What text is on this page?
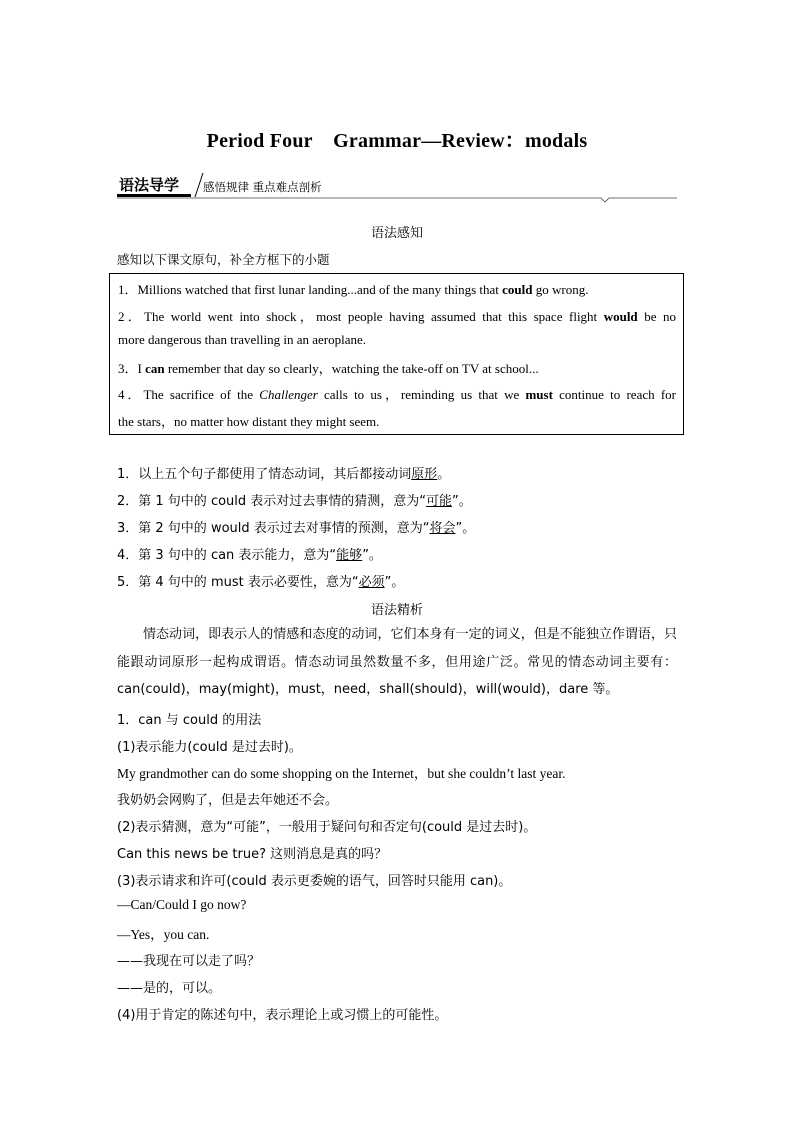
Period Four    Grammar—Review：modals
语法导学 感悟规律 重点难点剖析
语法感知
感知以下课文原句，补全方框下的小题
1．Millions watched that first lunar landing...and of the many things that could go wrong.
2．The world went into shock，most people having assumed that this space flight would be no
more dangerous than travelling in an aeroplane.
3．I can remember that day so clearly，watching the take-off on TV at school...
4．The sacrifice of the Challenger calls to us，reminding us that we must continue to reach for
the stars，no matter how distant they might seem.
1．以上五个句子都使用了情态动词，其后都接动词原形。
2．第 1 句中的 could 表示对过去事情的猜测，意为“可能”。
3．第 2 句中的 would 表示过去对事情的预测，意为“将会”。
4．第 3 句中的 can 表示能力，意为“能够”。
5．第 4 句中的 must 表示必要性，意为“必须”。
语法精析
情态动词，即表示人的情感和态度的动词，它们本身有一定的词义，但是不能独立作谓语，只能跟动词原形一起构成谓语。情态动词虽然数量不多，但用途广泛。常见的情态动词主要有：can(could)，may(might)，must，need，shall(should)，will(would)，dare 等。
1．can 与 could 的用法
(1)表示能力(could 是过去时)。
My grandmother can do some shopping on the Internet，but she couldn’t last year.
我奶奶会网购了，但是去年她还不会。
(2)表示猜测，意为“可能”，一般用于疑问句和否定句(could 是过去时)。
Can this news be true? 这则消息是真的吗？
(3)表示请求和许可(could 表示更委婉的语气，回答时只能用 can)。
—Can/Could I go now?
—Yes，you can.
——我现在可以走了吗？
——是的，可以。
(4)用于肯定的陈述句中，表示理论上或习惯上的可能性。
